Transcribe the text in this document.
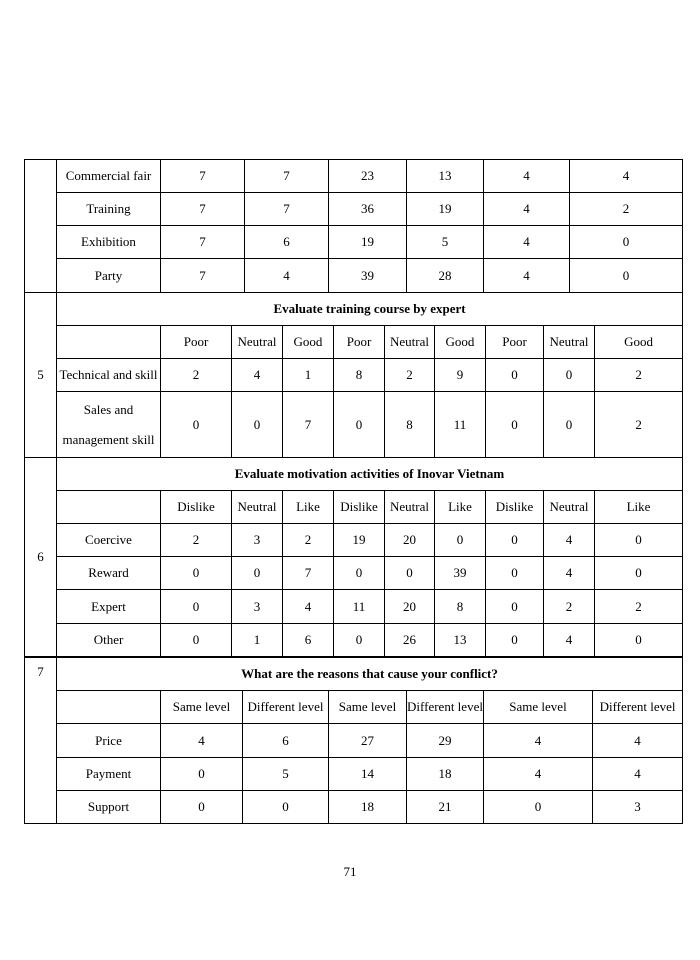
	Commercial fair	7	7	23	13	4	4
	Training	7	7	36	19	4	2
	Exhibition	7	6	19	5	4	0
	Party	7	4	39	28	4	0
5	Evaluate training course by expert									
		Poor	Neutral	Good	Poor	Neutral	Good	Poor	Neutral	Good
	Technical and skill	2	4	1	8	2	9	0	0	2

	Sales and
management skill	0	0	7	0	8	11	0	0	2
6	Evaluate motivation activities of Inovar Vietnam									
		Dislike	Neutral	Like	Dislike	Neutral	Like	Dislike	Neutral	Like
	Coercive	2	3	2	19	20	0	0	4	0
	Reward	0	0	7	0	0	39	0	4	0
	Expert	0	3	4	11	20	8	0	2	2
	Other	0	1	6	0	26	13	0	4	0
7	What are the reasons that cause your conflict?						
		Same level	Different level	Same level	Different level	Same level	Different level
	Price	4	6	27	29	4	4
	Payment	0	5	14	18	4	4
	Support	0	0	18	21	0	3
71
